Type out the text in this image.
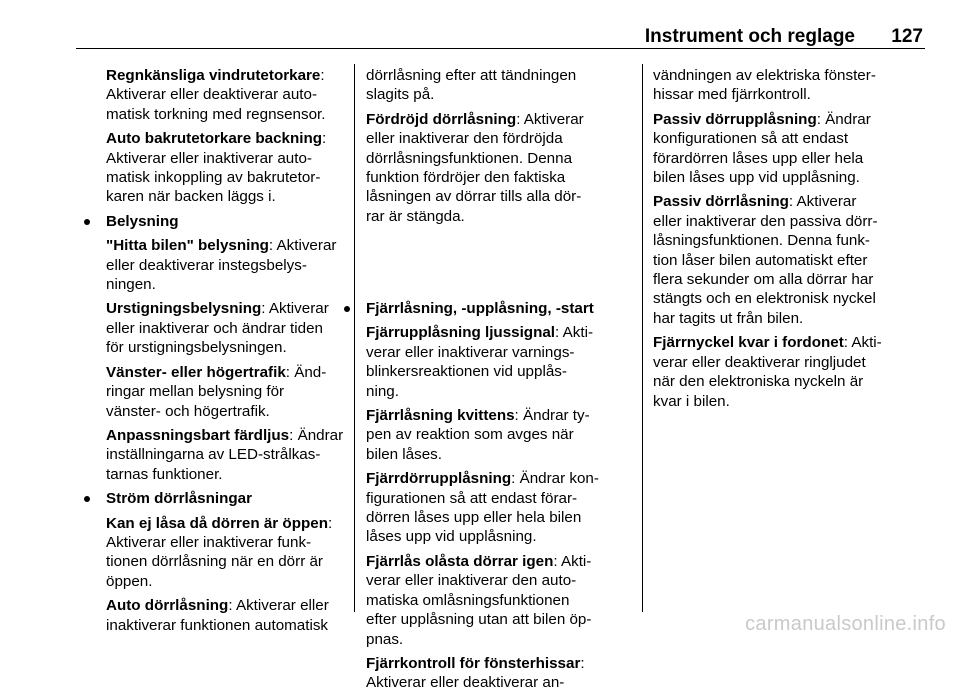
Instrument och reglage 127

Regnkänsliga vindrutetorkare:
Aktiverar eller deaktiverar auto-
matisk torkning med regnsensor.

Auto bakrutetorkare backning:
Aktiverar eller inaktiverar auto-
matisk inkoppling av bakrutetor-
karen när backen läggs i.

Belysning

"Hitta bilen" belysning: Aktiverar
eller deaktiverar instegsbelys-
ningen.

Urstigningsbelysning: Aktiverar
eller inaktiverar och ändrar tiden
för urstigningsbelysningen.

Vänster- eller högertrafik: Änd-
ringar mellan belysning för
vänster- och högertrafik.

Anpassningsbart färdljus: Ändrar
inställningarna av LED-strålkas-
tarnas funktioner.

Ström dörrlåsningar

Kan ej låsa då dörren är öppen:
Aktiverar eller inaktiverar funk-
tionen dörrlåsning när en dörr är
öppen.

Auto dörrlåsning: Aktiverar eller
inaktiverar funktionen automatisk

dörrlåsning efter att tändningen
slagits på.

Fördröjd dörrlåsning: Aktiverar
eller inaktiverar den fördröjda
dörrlåsningsfunktionen. Denna
funktion fördröjer den faktiska
låsningen av dörrar tills alla dör-
rar är stängda.

Fjärrlåsning, -upplåsning, -start

Fjärrupplåsning ljussignal: Akti-
verar eller inaktiverar varnings-
blinkersreaktionen vid upplås-
ning.

Fjärrlåsning kvittens: Ändrar ty-
pen av reaktion som avges när
bilen låses.

Fjärrdörrupplåsning: Ändrar kon-
figurationen så att endast förar-
dörren låses upp eller hela bilen
låses upp vid upplåsning.

Fjärrlås olåsta dörrar igen: Akti-
verar eller inaktiverar den auto-
matiska omlåsningsfunktionen
efter upplåsning utan att bilen öp-
pnas.

Fjärrkontroll för fönsterhissar:
Aktiverar eller deaktiverar an-

vändningen av elektriska fönster-
hissar med fjärrkontroll.

Passiv dörrupplåsning: Ändrar
konfigurationen så att endast
förardörren låses upp eller hela
bilen låses upp vid upplåsning.

Passiv dörrlåsning: Aktiverar
eller inaktiverar den passiva dörr-
låsningsfunktionen. Denna funk-
tion låser bilen automatiskt efter
flera sekunder om alla dörrar har
stängts och en elektronisk nyckel
har tagits ut från bilen.

Fjärrnyckel kvar i fordonet: Akti-
verar eller deaktiverar ringljudet
när den elektroniska nyckeln är
kvar i bilen.

carmanualsonline.info
